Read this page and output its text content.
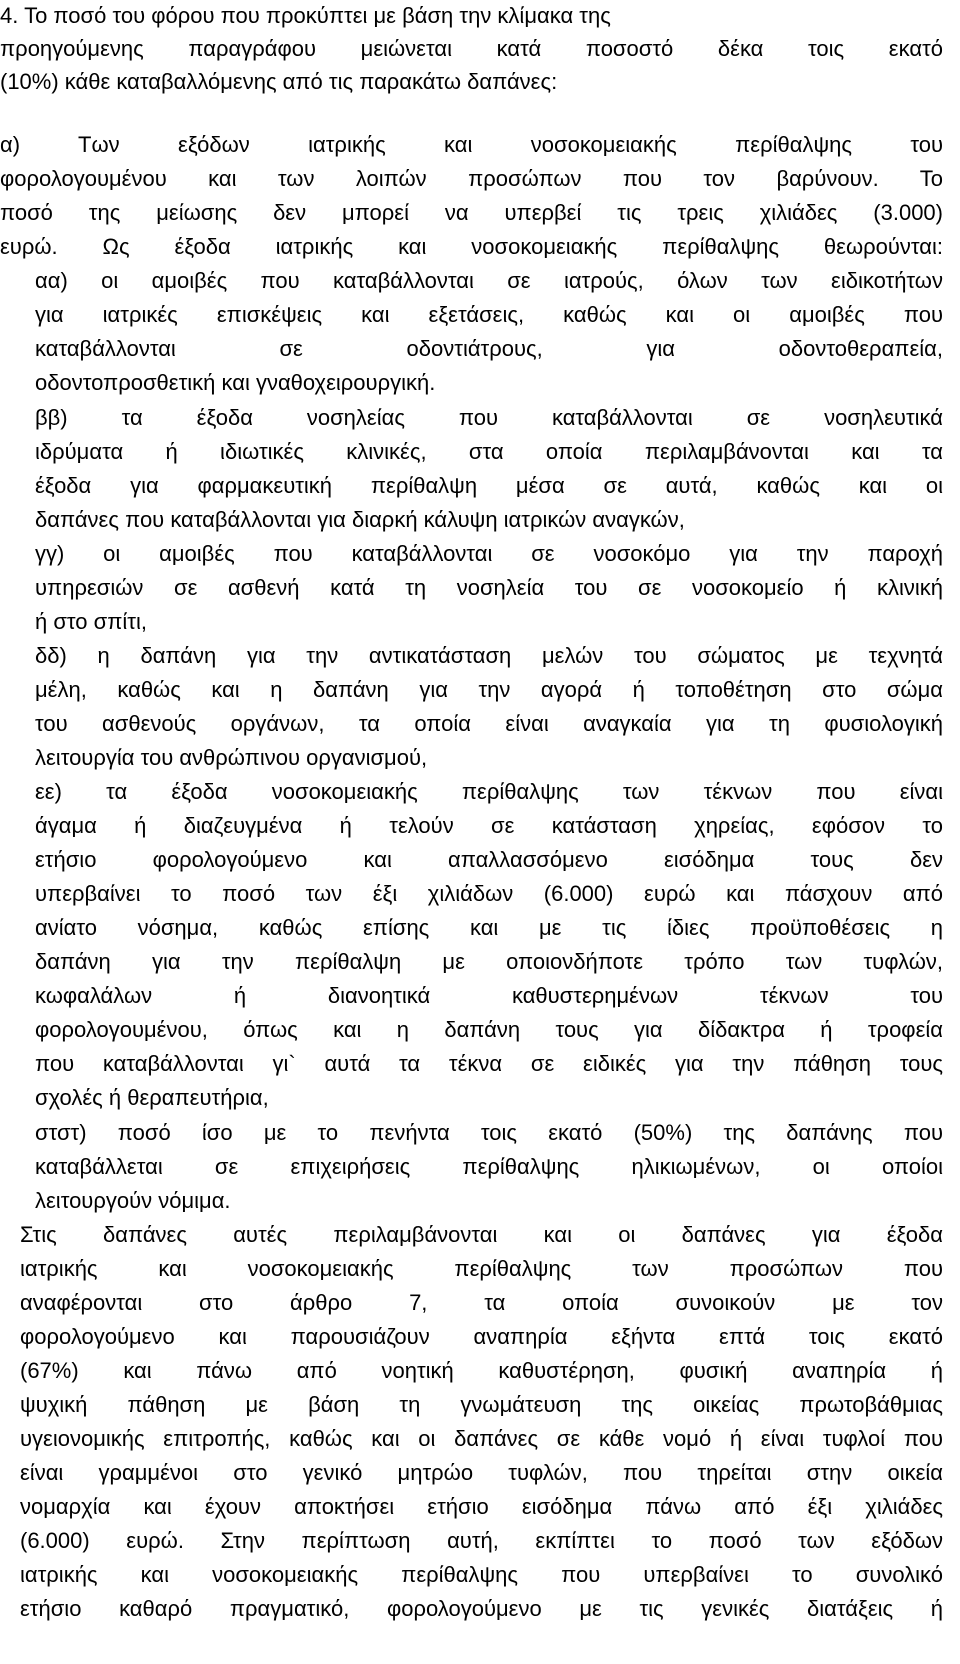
4. Το ποσό του φόρου που προκύπτει με βάση την κλίμακα της
προηγούμενης παραγράφου μειώνεται κατά ποσοστό δέκα τοις εκατό
(10%) κάθε καταβαλλόμενης από τις παρακάτω δαπάνες:
α) Των εξόδων ιατρικής και νοσοκομειακής περίθαλψης του
φορολογουμένου και των λοιπών προσώπων που τον βαρύνουν. Το
ποσό της μείωσης δεν μπορεί να υπερβεί τις τρεις χιλιάδες (3.000)
ευρώ. Ως έξοδα ιατρικής και νοσοκομειακής περίθαλψης θεωρούνται:
αα) οι αμοιβές που καταβάλλονται σε ιατρούς, όλων των ειδικοτήτων
για ιατρικές επισκέψεις και εξετάσεις, καθώς και οι αμοιβές που
καταβάλλονται σε οδοντιάτρους, για οδοντοθεραπεία,
οδοντοπροσθετική και γναθοχειρουργική.
ββ) τα έξοδα νοσηλείας που καταβάλλονται σε νοσηλευτικά
ιδρύματα ή ιδιωτικές κλινικές, στα οποία περιλαμβάνονται και τα
έξοδα για φαρμακευτική περίθαλψη μέσα σε αυτά, καθώς και οι
δαπάνες που καταβάλλονται για διαρκή κάλυψη ιατρικών αναγκών,
γγ) οι αμοιβές που καταβάλλονται σε νοσοκόμο για την παροχή
υπηρεσιών σε ασθενή κατά τη νοσηλεία του σε νοσοκομείο ή κλινική
ή στο σπίτι,
δδ) η δαπάνη για την αντικατάσταση μελών του σώματος με τεχνητά
μέλη, καθώς και η δαπάνη για την αγορά ή τοποθέτηση στο σώμα
του ασθενούς οργάνων, τα οποία είναι αναγκαία για τη φυσιολογική
λειτουργία του ανθρώπινου οργανισμού,
εε) τα έξοδα νοσοκομειακής περίθαλψης των τέκνων που είναι
άγαμα ή διαζευγμένα ή τελούν σε κατάσταση χηρείας, εφόσον το
ετήσιο φορολογούμενο και απαλλασσόμενο εισόδημα τους δεν
υπερβαίνει το ποσό των έξι χιλιάδων (6.000) ευρώ και πάσχουν από
ανίατο νόσημα, καθώς επίσης και με τις ίδιες προϋποθέσεις η
δαπάνη για την περίθαλψη με οποιονδήποτε τρόπο των τυφλών,
κωφαλάλων ή διανοητικά καθυστερημένων τέκνων του
φορολογουμένου, όπως και η δαπάνη τους για δίδακτρα ή τροφεία
που καταβάλλονται γι` αυτά τα τέκνα σε ειδικές για την πάθηση τους
σχολές ή θεραπευτήρια,
στστ) ποσό ίσο με το πενήντα τοις εκατό (50%) της δαπάνης που
καταβάλλεται σε επιχειρήσεις περίθαλψης ηλικιωμένων, οι οποίοι
λειτουργούν νόμιμα.
Στις δαπάνες αυτές περιλαμβάνονται και οι δαπάνες για έξοδα
ιατρικής και νοσοκομειακής περίθαλψης των προσώπων που
αναφέρονται στο άρθρο 7, τα οποία συνοικούν με τον
φορολογούμενο και παρουσιάζουν αναπηρία εξήντα επτά τοις εκατό
(67%) και πάνω από νοητική καθυστέρηση, φυσική αναπηρία ή
ψυχική πάθηση με βάση τη γνωμάτευση της οικείας πρωτοβάθμιας
υγειονομικής επιτροπής, καθώς και οι δαπάνες σε κάθε νομό ή είναι τυφλοί που
είναι γραμμένοι στο γενικό μητρώο τυφλών, που τηρείται στην οικεία
νομαρχία και έχουν αποκτήσει ετήσιο εισόδημα πάνω από έξι χιλιάδες
(6.000) ευρώ. Στην περίπτωση αυτή, εκπίπτει το ποσό των εξόδων
ιατρικής και νοσοκομειακής περίθαλψης που υπερβαίνει το συνολικό
ετήσιο καθαρό πραγματικό, φορολογούμενο με τις γενικές διατάξεις ή
